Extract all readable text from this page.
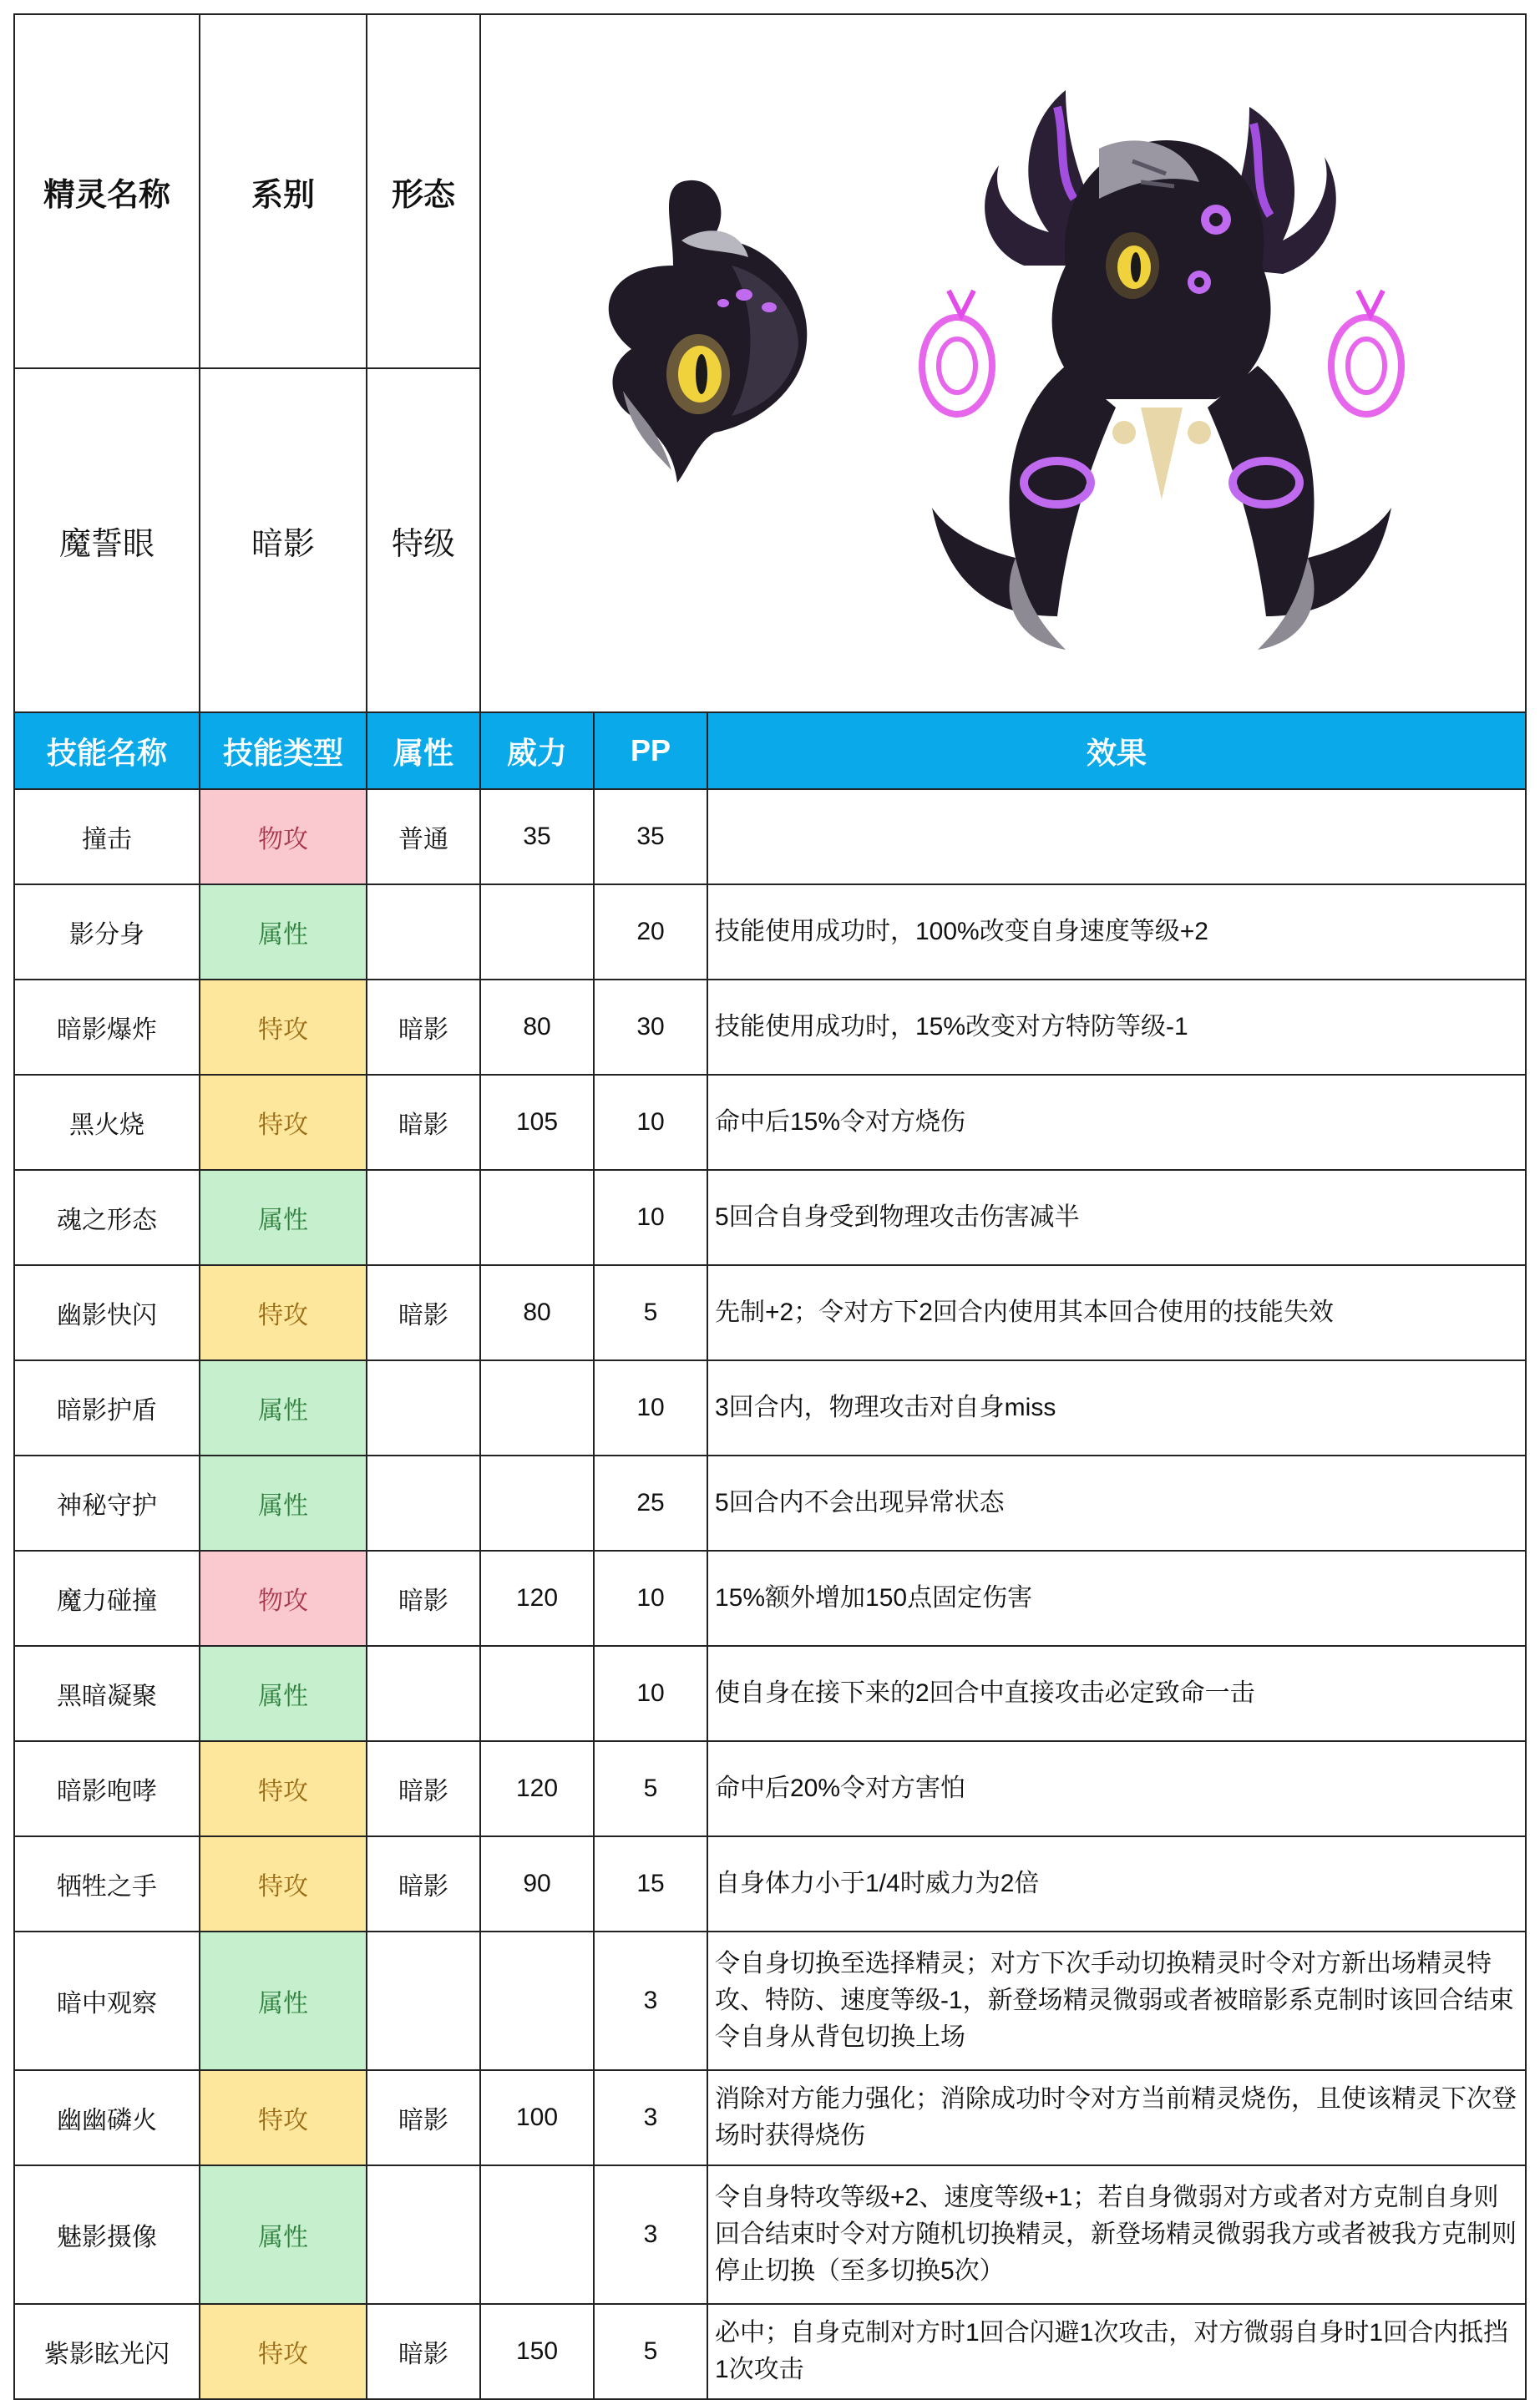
精灵名称	系别	形态	

魔誓眼	暗影	特级	
技能名称	技能类型	属性	威力	PP	效果
撞击	物攻	普通	35	35	
影分身	属性			20	技能使用成功时，100%改变自身速度等级+2
暗影爆炸	特攻	暗影	80	30	技能使用成功时，15%改变对方特防等级-1
黑火烧	特攻	暗影	105	10	命中后15%令对方烧伤
魂之形态	属性			10	5回合自身受到物理攻击伤害减半
幽影快闪	特攻	暗影	80	5	先制+2；令对方下2回合内使用其本回合使用的技能失效
暗影护盾	属性			10	3回合内，物理攻击对自身miss
神秘守护	属性			25	5回合内不会出现异常状态
魔力碰撞	物攻	暗影	120	10	15%额外增加150点固定伤害
黑暗凝聚	属性			10	使自身在接下来的2回合中直接攻击必定致命一击
暗影咆哮	特攻	暗影	120	5	命中后20%令对方害怕
牺牲之手	特攻	暗影	90	15	自身体力小于1/4时威力为2倍
暗中观察	属性			3	令自身切换至选择精灵；对方下次手动切换精灵时令对方新出场精灵特攻、特防、速度等级-1，新登场精灵微弱或者被暗影系克制时该回合结束令自身从背包切换上场
幽幽磷火	特攻	暗影	100	3	消除对方能力强化；消除成功时令对方当前精灵烧伤，且使该精灵下次登场时获得烧伤
魅影摄像	属性			3	令自身特攻等级+2、速度等级+1；若自身微弱对方或者对方克制自身则回合结束时令对方随机切换精灵，新登场精灵微弱我方或者被我方克制则停止切换（至多切换5次）
紫影眩光闪	特攻	暗影	150	5	必中；自身克制对方时1回合闪避1次攻击，对方微弱自身时1回合内抵挡1次攻击
